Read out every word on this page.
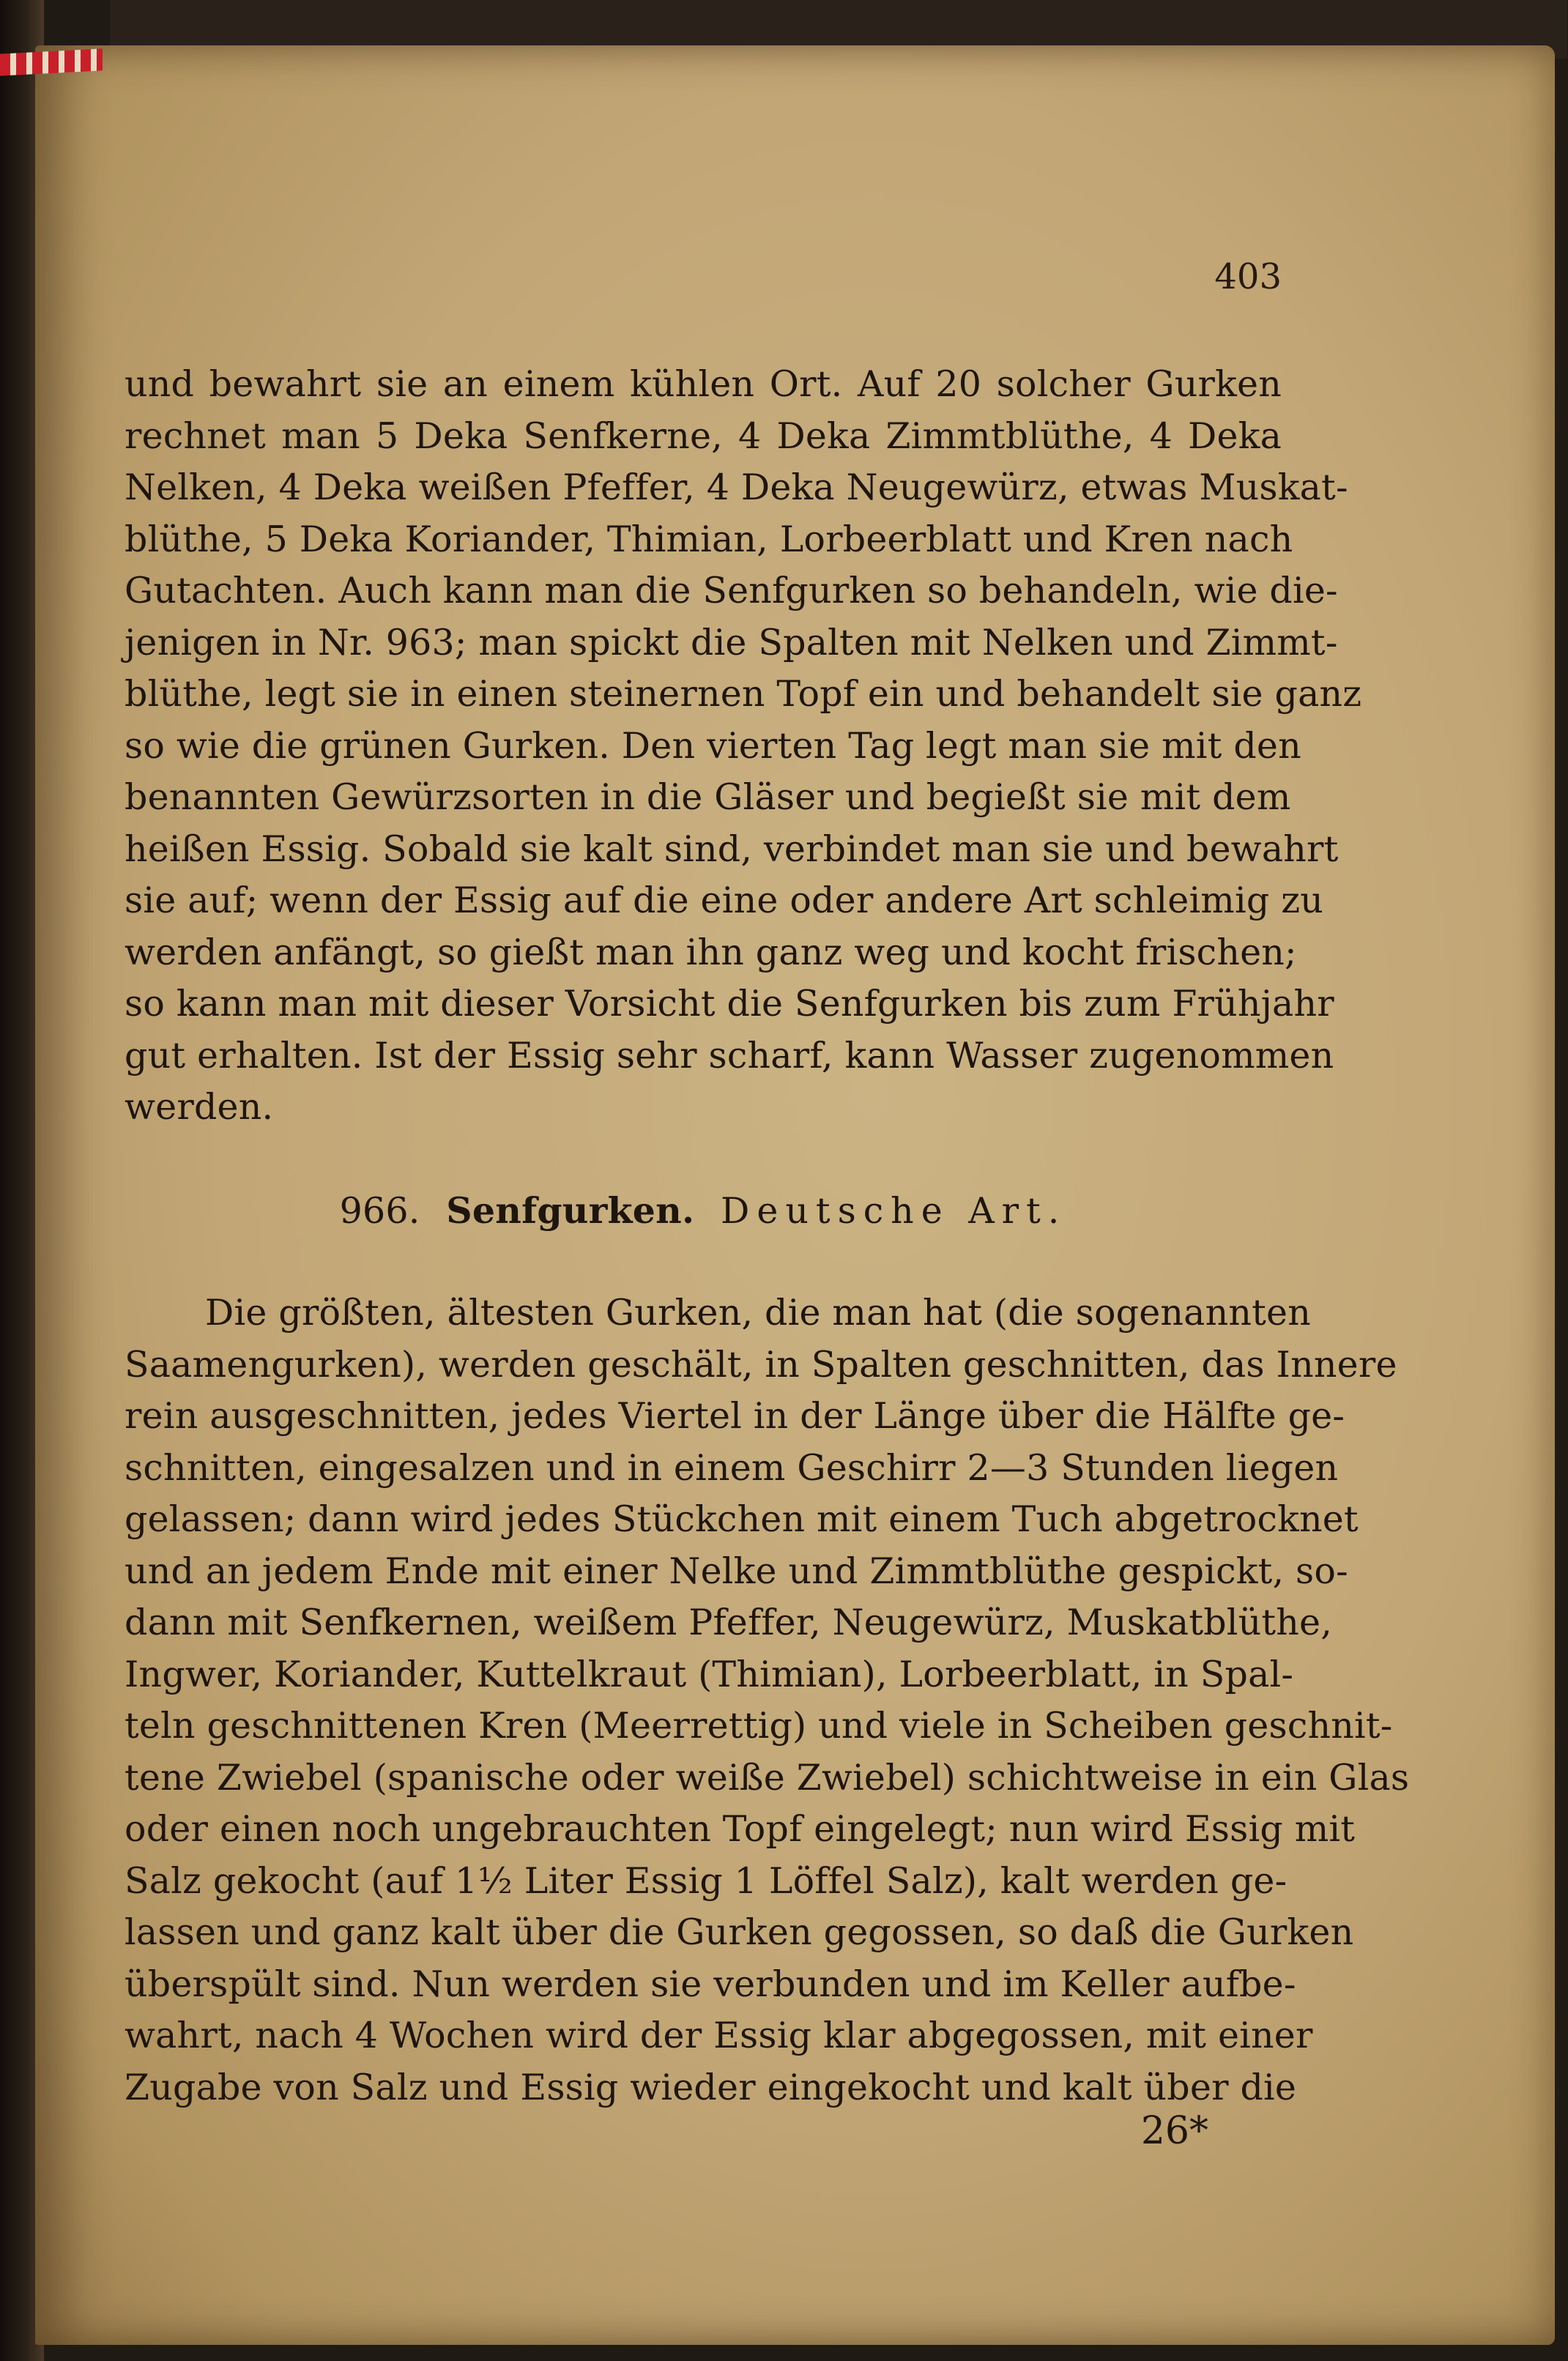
403
und bewahrt sie an einem kühlen Ort. Auf 20 solcher Gurken
rechnet man 5 Deka Senfkerne, 4 Deka Zimmtblüthe, 4 Deka
Nelken, 4 Deka weißen Pfeffer, 4 Deka Neugewürz, etwas Muskat-
blüthe, 5 Deka Koriander, Thimian, Lorbeerblatt und Kren nach
Gutachten. Auch kann man die Senfgurken so behandeln, wie die-
jenigen in Nr. 963; man spickt die Spalten mit Nelken und Zimmt-
blüthe, legt sie in einen steinernen Topf ein und behandelt sie ganz
so wie die grünen Gurken. Den vierten Tag legt man sie mit den
benannten Gewürzsorten in die Gläser und begießt sie mit dem
heißen Essig. Sobald sie kalt sind, verbindet man sie und bewahrt
sie auf; wenn der Essig auf die eine oder andere Art schleimig zu
werden anfängt, so gießt man ihn ganz weg und kocht frischen;
so kann man mit dieser Vorsicht die Senfgurken bis zum Frühjahr
gut erhalten. Ist der Essig sehr scharf, kann Wasser zugenommen
werden.
966. Senfgurken. Deutsche Art.
Die größten, ältesten Gurken, die man hat (die sogenannten
Saamengurken), werden geschält, in Spalten geschnitten, das Innere
rein ausgeschnitten, jedes Viertel in der Länge über die Hälfte ge-
schnitten, eingesalzen und in einem Geschirr 2—3 Stunden liegen
gelassen; dann wird jedes Stückchen mit einem Tuch abgetrocknet
und an jedem Ende mit einer Nelke und Zimmtblüthe gespickt, so-
dann mit Senfkernen, weißem Pfeffer, Neugewürz, Muskatblüthe,
Ingwer, Koriander, Kuttelkraut (Thimian), Lorbeerblatt, in Spal-
teln geschnittenen Kren (Meerrettig) und viele in Scheiben geschnit-
tene Zwiebel (spanische oder weiße Zwiebel) schichtweise in ein Glas
oder einen noch ungebrauchten Topf eingelegt; nun wird Essig mit
Salz gekocht (auf 1½ Liter Essig 1 Löffel Salz), kalt werden ge-
lassen und ganz kalt über die Gurken gegossen, so daß die Gurken
überspült sind. Nun werden sie verbunden und im Keller aufbe-
wahrt, nach 4 Wochen wird der Essig klar abgegossen, mit einer
Zugabe von Salz und Essig wieder eingekocht und kalt über die
26*
